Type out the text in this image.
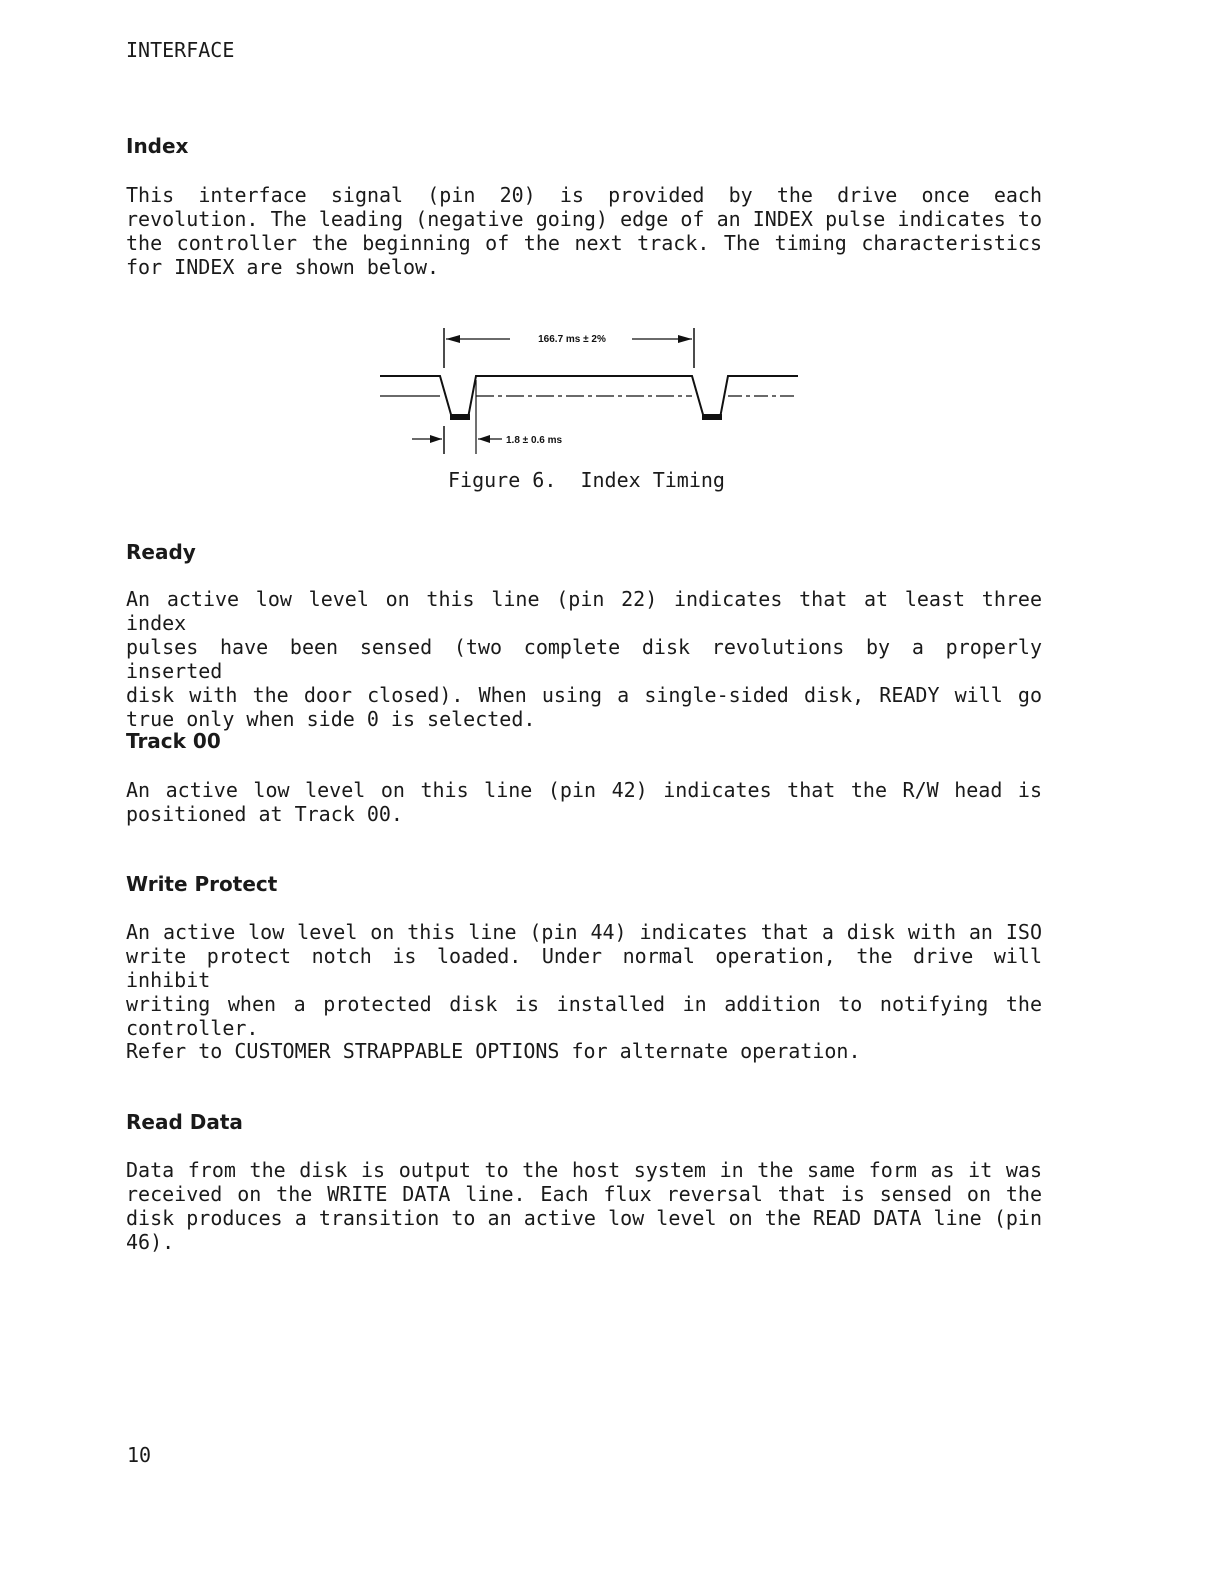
INTERFACE
Index
This interface signal (pin 20) is provided by the drive once each
revolution. The leading (negative going) edge of an INDEX pulse indicates to
the controller the beginning of the next track. The timing characteristics
for INDEX are shown below.
166.7 ms ± 2%
1.8 ± 0.6 ms
Figure 6.  Index Timing
Ready
An active low level on this line (pin 22) indicates that at least three index
pulses have been sensed (two complete disk revolutions by a properly inserted
disk with the door closed). When using a single-sided disk, READY will go
true only when side 0 is selected.
Track 00
An active low level on this line (pin 42) indicates that the R/W head is
positioned at Track 00.
Write Protect
An active low level on this line (pin 44) indicates that a disk with an ISO
write protect notch is loaded. Under normal operation, the drive will inhibit
writing when a protected disk is installed in addition to notifying the
controller.
Refer to CUSTOMER STRAPPABLE OPTIONS for alternate operation.
Read Data
Data from the disk is output to the host system in the same form as it was
received on the WRITE DATA line. Each flux reversal that is sensed on the
disk produces a transition to an active low level on the READ DATA line (pin
46).
10
